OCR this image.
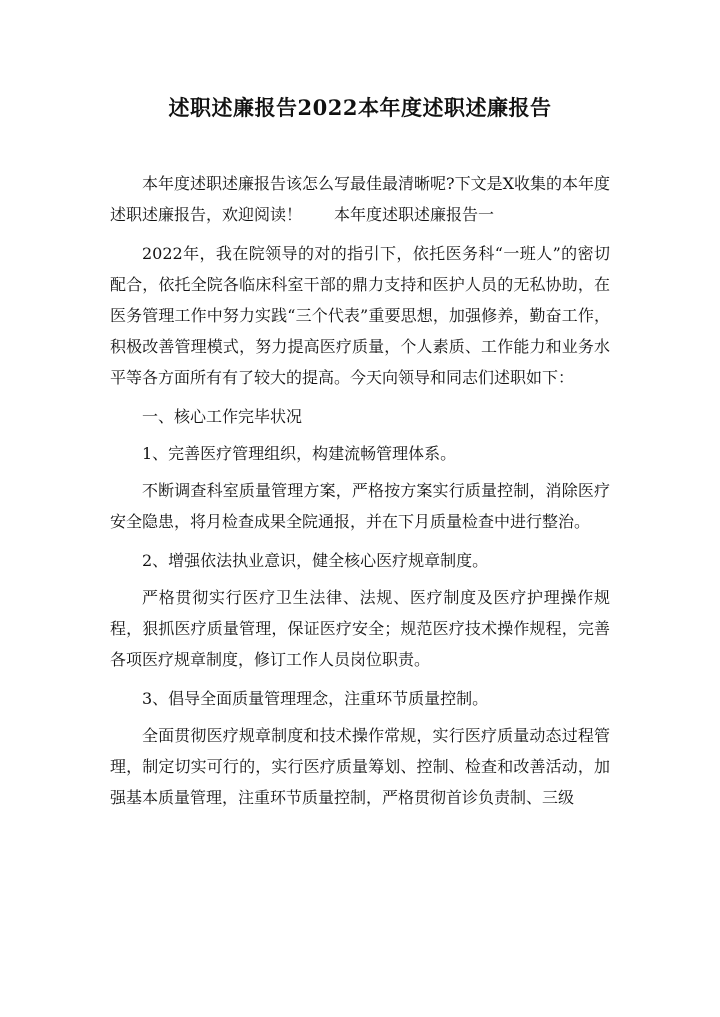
述职述廉报告2022本年度述职述廉报告

本年度述职述廉报告该怎么写最佳最清晰呢?下文是X收集的本年度述职述廉报告，欢迎阅读！　　本年度述职述廉报告一

2022年，我在院领导的对的指引下，依托医务科“一班人”的密切配合，依托全院各临床科室干部的鼎力支持和医护人员的无私协助，在医务管理工作中努力实践“三个代表”重要思想，加强修养，勤奋工作，积极改善管理模式，努力提高医疗质量，个人素质、工作能力和业务水平等各方面所有有了较大的提高。今天向领导和同志们述职如下：

一、核心工作完毕状况

1、完善医疗管理组织，构建流畅管理体系。

不断调查科室质量管理方案，严格按方案实行质量控制，消除医疗安全隐患，将月检查成果全院通报，并在下月质量检查中进行整治。

2、增强依法执业意识，健全核心医疗规章制度。

严格贯彻实行医疗卫生法律、法规、医疗制度及医疗护理操作规程，狠抓医疗质量管理，保证医疗安全；规范医疗技术操作规程，完善各项医疗规章制度，修订工作人员岗位职责。

3、倡导全面质量管理理念，注重环节质量控制。

全面贯彻医疗规章制度和技术操作常规，实行医疗质量动态过程管理，制定切实可行的，实行医疗质量筹划、控制、检查和改善活动，加强基本质量管理，注重环节质量控制，严格贯彻首诊负责制、三级
